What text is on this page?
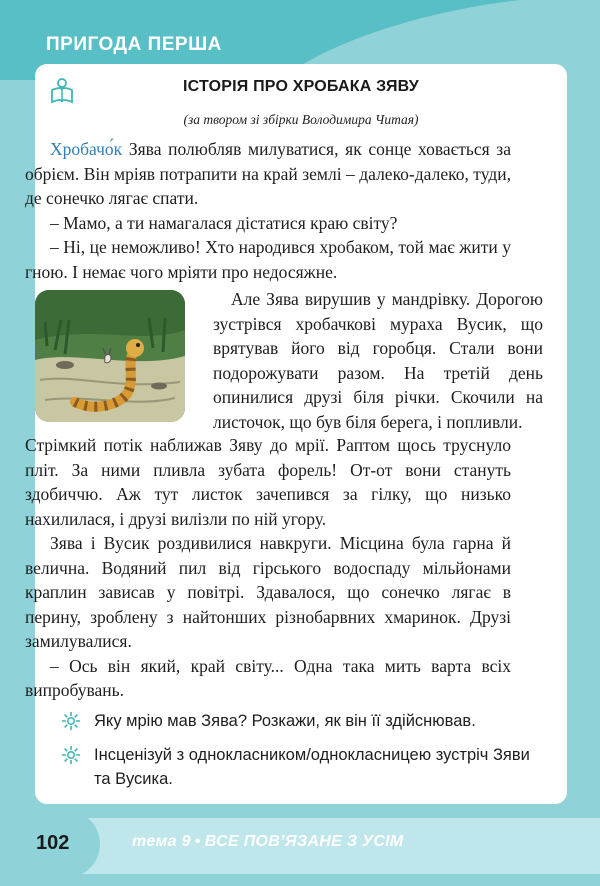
ПРИГОДА ПЕРША
ІСТОРІЯ ПРО ХРОБАКА ЗЯВУ
(за твором зі збірки Володимира Читая)

Хробачо́к Зява полюбляв милуватися, як сонце ховається за обрієм. Він мріяв потрапити на край землі – далеко-далеко, туди, де сонечко лягає спати.

– Мамо, а ти намагалася дістатися краю світу?

– Ні, це неможливо! Хто народився хробаком, той має жити у гною. І немає чого мріяти про недосяжне.

Але Зява вирушив у мандрівку. Дорогою зустрівся хробачкові мураха Вусик, що врятував його від горобця. Стали вони подорожувати разом. На третій день опинилися друзі біля річки. Скочили на листочок, що був біля берега, і попливли.

Стрімкий потік наближав Зяву до мрії. Раптом щось труснуло пліт. За ними пливла зубата форель! От-от вони стануть здобиччю. Аж тут листок зачепився за гілку, що низько нахилилася, і друзі вилізли по ній угору.

Зява і Вусик роздивилися навкруги. Місцина була гарна й велична. Водяний пил від гірського водоспаду мільйонами краплин зависав у повітрі. Здавалося, що сонечко лягає в перину, зроблену з найтонших різнобарвних хмаринок. Друзі замилувалися.

– Ось він який, край світу... Одна така мить варта всіх випробувань.

Яку мрію мав Зява? Розкажи, як він її здійснював.
Інсценізуй з однокласником/однокласницею зустріч Зяви та Вусика.
102	тема 9 • ВСЕ ПОВ’ЯЗАНЕ З УСІМ
